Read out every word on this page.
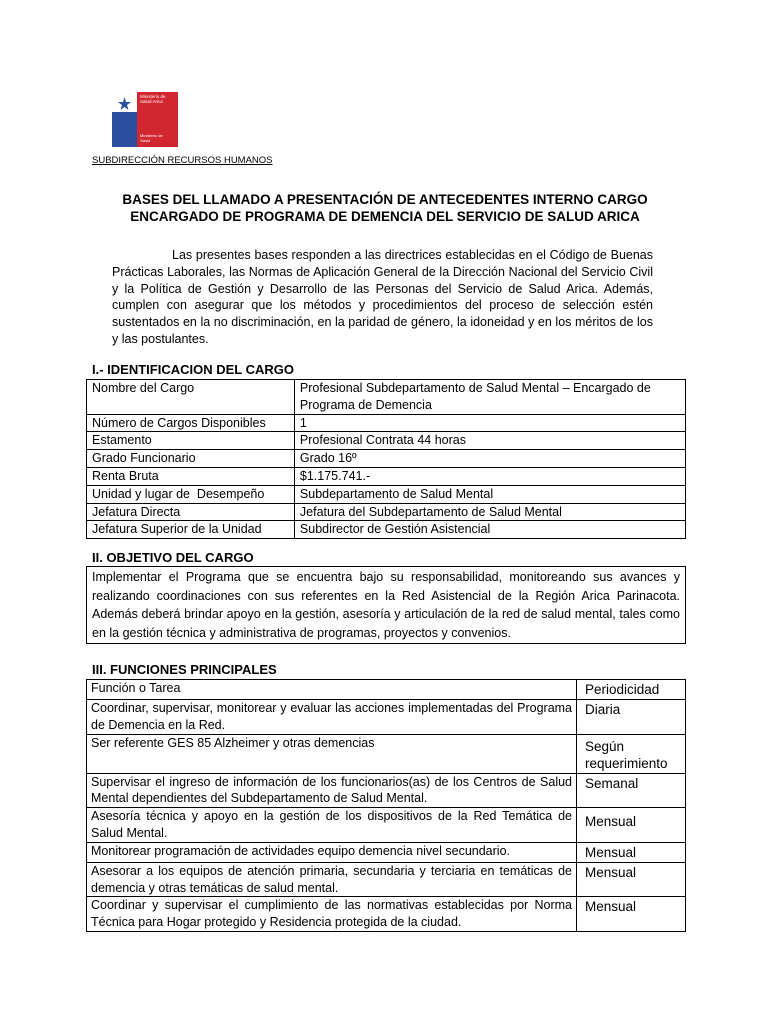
Ministerio de
Salud Arica
Ministerio de
Salud
SUBDIRECCIÓN RECURSOS HUMANOS
BASES DEL LLAMADO A PRESENTACIÓN DE ANTECEDENTES INTERNO CARGO
ENCARGADO DE PROGRAMA DE DEMENCIA DEL SERVICIO DE SALUD ARICA

Las presentes bases responden a las directrices establecidas en el Código de Buenas Prácticas Laborales, las Normas de Aplicación General de la Dirección Nacional del Servicio Civil y la Política de Gestión y Desarrollo de las Personas del Servicio de Salud Arica. Además, cumplen con asegurar que los métodos y procedimientos del proceso de selección estén sustentados en la no discriminación, en la paridad de género, la idoneidad y en los méritos de los y las postulantes.

I.- IDENTIFICACION DEL CARGO
Nombre del Cargo	Profesional Subdepartamento de Salud Mental – Encargado de Programa de Demencia
Número de Cargos Disponibles	1
Estamento	Profesional Contrata 44 horas
Grado Funcionario	Grado 16º
Renta Bruta	$1.175.741.-
Unidad y lugar de  Desempeño	Subdepartamento de Salud Mental
Jefatura Directa	Jefatura del Subdepartamento de Salud Mental
Jefatura Superior de la Unidad	Subdirector de Gestión Asistencial
II. OBJETIVO DEL CARGO
Implementar el Programa que se encuentra bajo su responsabilidad, monitoreando sus avances y realizando coordinaciones con sus referentes en la Red Asistencial de la Región Arica Parinacota. Además deberá brindar apoyo en la gestión, asesoría y articulación de la red de salud mental, tales como en la gestión técnica y administrativa de programas, proyectos y convenios.
III. FUNCIONES PRINCIPALES
Función o Tarea	Periodicidad
Coordinar, supervisar, monitorear y evaluar las acciones implementadas del Programa de Demencia en la Red.	Diaria
Ser referente GES 85 Alzheimer y otras demencias	Según requerimiento
Supervisar el ingreso de información de los funcionarios(as) de los Centros de Salud Mental dependientes del Subdepartamento de Salud Mental.	Semanal
Asesoría técnica y apoyo en la gestión de los dispositivos de la Red Temática de Salud Mental.	Mensual
Monitorear programación de actividades equipo demencia nivel secundario.	Mensual
Asesorar a los equipos de atención primaria, secundaria y terciaria en temáticas de demencia y otras temáticas de salud mental.	Mensual
Coordinar y supervisar el cumplimiento de las normativas establecidas por Norma Técnica para Hogar protegido y Residencia protegida de la ciudad.	Mensual
